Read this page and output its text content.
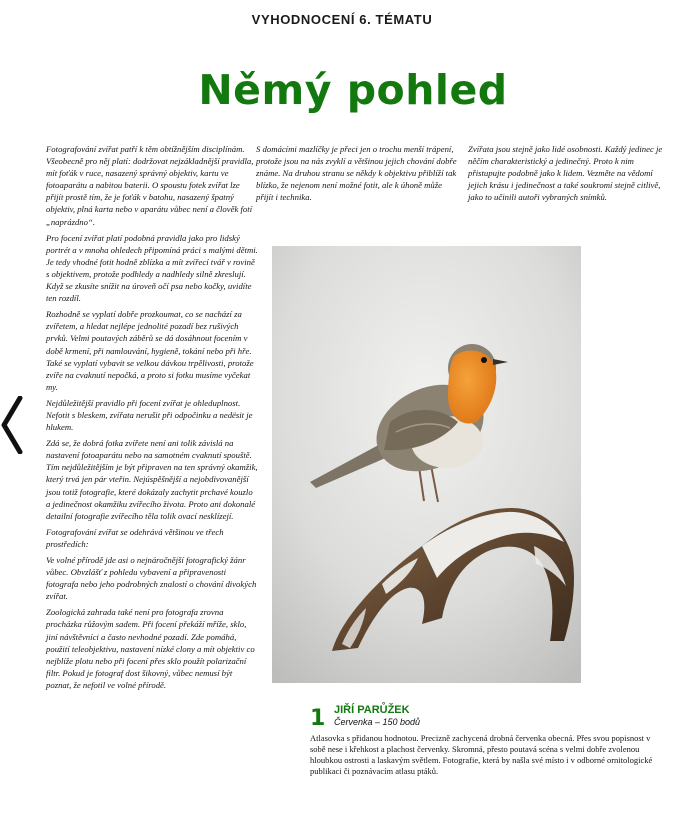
VYHODNOCENÍ 6. TÉMATU
Němý pohled

Fotografování zvířat patří k těm obtížnějším disciplínám. Všeobecně pro něj platí: dodržovat nejzákladnější pravidla, mít foťák v ruce, nasazený správný objektiv, kartu ve fotoaparátu a nabitou baterii. O spoustu fotek zvířat lze přijít prostě tím, že je foťák v batohu, nasazený špatný objektiv, plná karta nebo v aparátu vůbec není a člověk fotí „naprázdno“.

Pro focení zvířat platí podobná pravidla jako pro lidský portrét a v mnoha ohledech připomíná práci s malými dětmi. Je tedy vhodné fotit hodně zblízka a mít zvířecí tvář v rovině s objektivem, protože podhledy a nadhledy silně zkreslují. Když se zkusíte snížit na úroveň očí psa nebo kočky, uvidíte ten rozdíl.

Rozhodně se vyplatí dobře prozkoumat, co se nachází za zvířetem, a hledat nejlépe jednolité pozadí bez rušivých prvků. Velmi poutavých záběrů se dá dosáhnout focením v době krmení, při namlouvání, hygieně, tokání nebo při hře. Také se vyplatí vybavit se velkou dávkou trpělivosti, protože zvíře na cvaknutí nepočká, a proto si fotku musíme vyčekat my.

Nejdůležitější pravidlo při focení zvířat je ohleduplnost. Nefotit s bleskem, zvířata nerušit při odpočinku a nedësit je hlukem.

Zdá se, že dobrá fotka zvířete není ani tolik závislá na nastavení fotoaparátu nebo na samotném cvaknutí spouště. Tím nejdůležitějším je být připraven na ten správný okamžik, který trvá jen pár vteřin. Nejúspěšnější a nejobdivovanější jsou totiž fotografie, které dokázaly zachytit prchavé kouzlo a jedinečnost okamžiku zvířecího života. Proto ani dokonalé detailní fotografie zvířecího těla tolik ovací nesklízejí.

Fotografování zvířat se odehrává většinou ve třech prostředích:

Ve volné přírodě jde asi o nejnáročnější fotografický žánr vůbec. Obvzlášť z pohledu vybavení a připravenosti fotografa nebo jeho podrobných znalostí o chování divokých zvířat.

Zoologická zahrada také není pro fotografa zrovna procházka růžovým sadem. Při focení překáží mříže, sklo, jiní návštěvníci a často nevhodné pozadí. Zde pomáhá, použití teleobjektivu, nastavení nízké clony a mít objektiv co nejblíže plotu nebo při focení přes sklo použít polarizační filtr. Pokud je fotograf dost šikovný, vůbec nemusí být poznat, že nefotil ve volné přírodě.

S domácími mazlíčky je přeci jen o trochu menší trápení, protože jsou na nás zvyklí a většinou jejich chování dobře známe. Na druhou stranu se někdy k objektivu přiblíží tak blízko, že nejenom není možné fotit, ale k úhoně může přijít i technika.

Zvířata jsou stejně jako lidé osobnosti. Každý jedinec je něčím charakteristický a jedinečný. Proto k nim přistupujte podobně jako k lidem. Vezměte na vědomí jejich krásu i jedinečnost a také soukromí stejně citlivě, jako to učinili autoři vybraných snímků.

1 JIŘÍ PARŮŽEK
Červenka – 150 bodů
Atlasovka s přidanou hodnotou. Precizně zachycená drobná červenka obecná. Přes svou popisnost v sobě nese i křehkost a plachost červenky. Skromná, přesto poutavá scéna s velmi dobře zvolenou hloubkou ostrosti a laskavým světlem. Fotografie, která by našla své místo i v odborné ornitologické publikaci či poznávacím atlasu ptáků.
